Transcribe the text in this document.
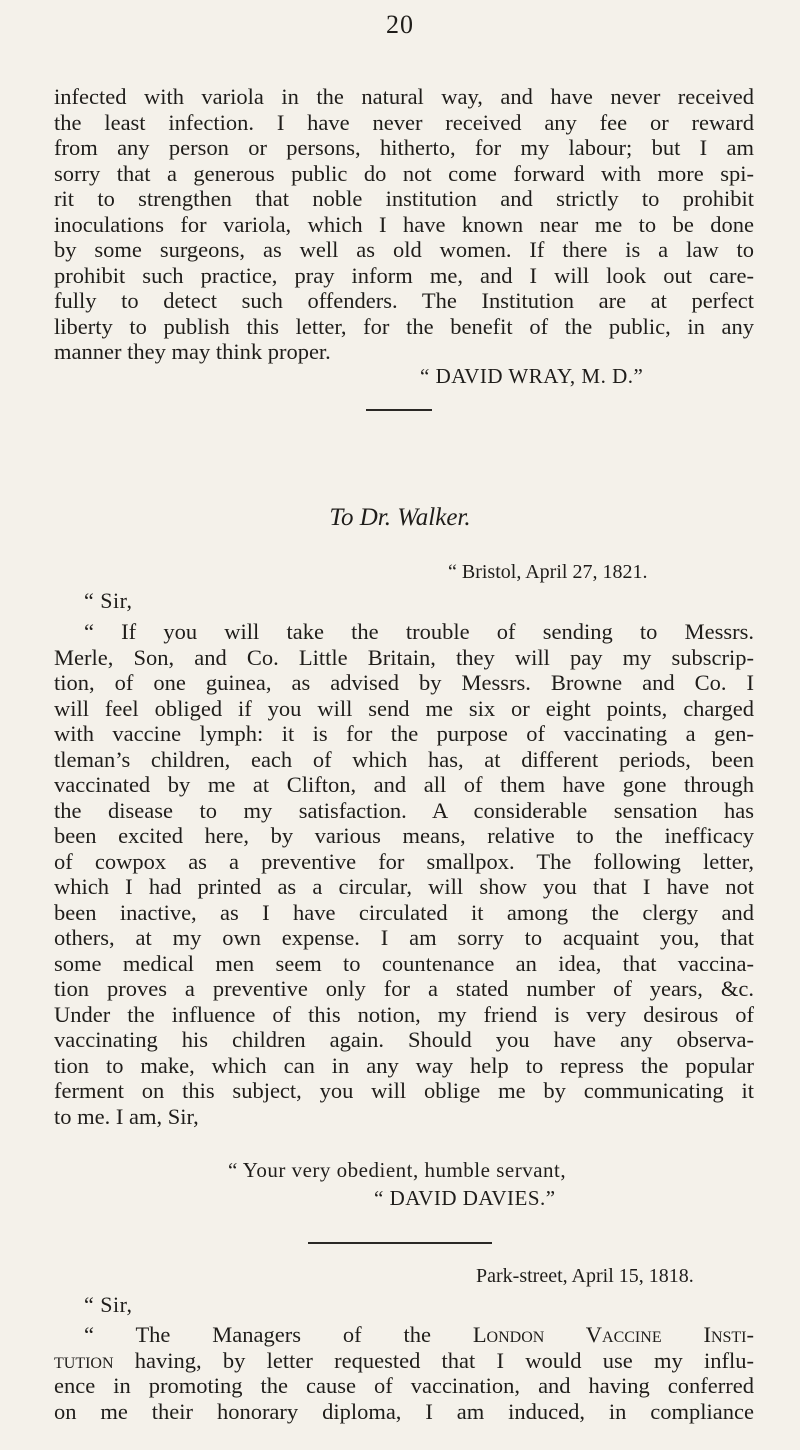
20
infected with variola in the natural way, and have never received
the least infection. I have never received any fee or reward
from any person or persons, hitherto, for my labour; but I am
sorry that a generous public do not come forward with more spi-
rit to strengthen that noble institution and strictly to prohibit
inoculations for variola, which I have known near me to be done
by some surgeons, as well as old women. If there is a law to
prohibit such practice, pray inform me, and I will look out care-
fully to detect such offenders. The Institution are at perfect
liberty to publish this letter, for the benefit of the public, in any
manner they may think proper.
“ DAVID WRAY, M. D.”
To Dr. Walker.
“ Bristol, April 27, 1821.
“ Sir,
“ If you will take the trouble of sending to Messrs.
Merle, Son, and Co. Little Britain, they will pay my subscrip-
tion, of one guinea, as advised by Messrs. Browne and Co. I
will feel obliged if you will send me six or eight points, charged
with vaccine lymph: it is for the purpose of vaccinating a gen-
tleman’s children, each of which has, at different periods, been
vaccinated by me at Clifton, and all of them have gone through
the disease to my satisfaction. A considerable sensation has
been excited here, by various means, relative to the inefficacy
of cowpox as a preventive for smallpox. The following letter,
which I had printed as a circular, will show you that I have not
been inactive, as I have circulated it among the clergy and
others, at my own expense. I am sorry to acquaint you, that
some medical men seem to countenance an idea, that vaccina-
tion proves a preventive only for a stated number of years, &c.
Under the influence of this notion, my friend is very desirous of
vaccinating his children again. Should you have any observa-
tion to make, which can in any way help to repress the popular
ferment on this subject, you will oblige me by communicating it
to me. I am, Sir,
“ Your very obedient, humble servant,
“ DAVID DAVIES.”
Park-street, April 15, 1818.
“ Sir,
“ The Managers of the London Vaccine Insti-
tution having, by letter requested that I would use my influ-
ence in promoting the cause of vaccination, and having conferred
on me their honorary diploma, I am induced, in compliance
